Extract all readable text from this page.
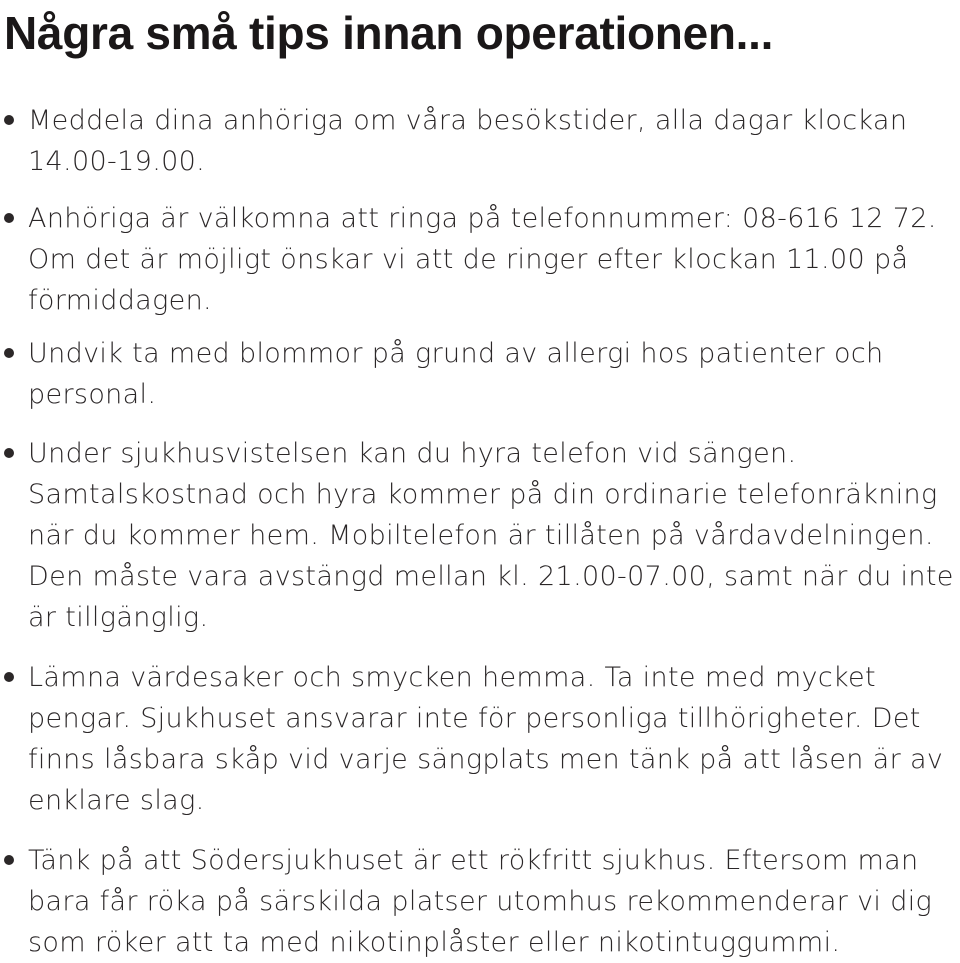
Några små tips innan operationen...
Meddela dina anhöriga om våra besökstider, alla dagar klockan 14.00-19.00.
Anhöriga är välkomna att ringa på telefonnummer: 08-616 12 72. Om det är möjligt önskar vi att de ringer efter klockan 11.00 på förmiddagen.
Undvik ta med blommor på grund av allergi hos patienter och personal.
Under sjukhusvistelsen kan du hyra telefon vid sängen. Samtalskostnad och hyra kommer på din ordinarie telefonräkning när du kommer hem. Mobiltelefon är tillåten på vårdavdelningen. Den måste vara avstängd mellan kl. 21.00-07.00, samt när du inte är tillgänglig.
Lämna värdesaker och smycken hemma. Ta inte med mycket pengar. Sjukhuset ansvarar inte för personliga tillhörigheter. Det finns låsbara skåp vid varje sängplats men tänk på att låsen är av enklare slag.
Tänk på att Södersjukhuset är ett rökfritt sjukhus. Eftersom man bara får röka på särskilda platser utomhus rekommenderar vi dig som röker att ta med nikotinplåster eller nikotintuggummi.
